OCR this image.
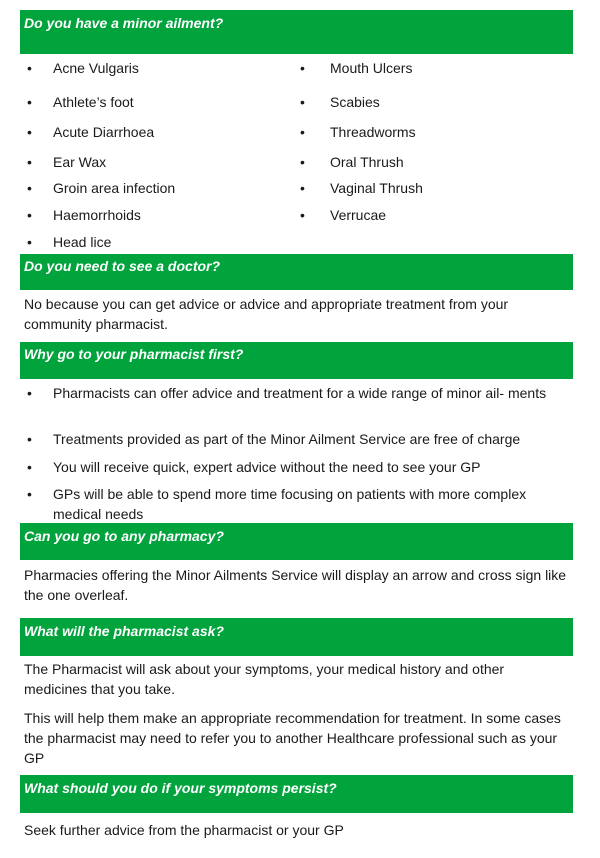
Do you have a minor ailment?
• Acne Vulgaris
• Athlete’s foot
• Acute Diarrhoea
• Ear Wax
• Groin area infection
• Haemorrhoids
• Head lice
• Mouth Ulcers
• Scabies
• Threadworms
• Oral Thrush
• Vaginal Thrush
• Verrucae
Do you need to see a doctor?
No because you can get advice or advice and appropriate treatment from your community pharmacist.
Why go to your pharmacist first?
• Pharmacists can offer advice and treatment for a wide range of minor ail- ments
• Treatments provided as part of the Minor Ailment Service are free of charge
• You will receive quick, expert advice without the need to see your GP
• GPs will be able to spend more time focusing on patients with more complex medical needs
Can you go to any pharmacy?
Pharmacies offering the Minor Ailments Service will display an arrow and cross sign like the one overleaf.
What will the pharmacist ask?
The Pharmacist will ask about your symptoms, your medical history and other medicines that you take.
This will help them make an appropriate recommendation for treatment. In some cases the pharmacist may need to refer you to another Healthcare professional such as your GP
What should you do if your symptoms persist?
Seek further advice from the pharmacist or your GP
